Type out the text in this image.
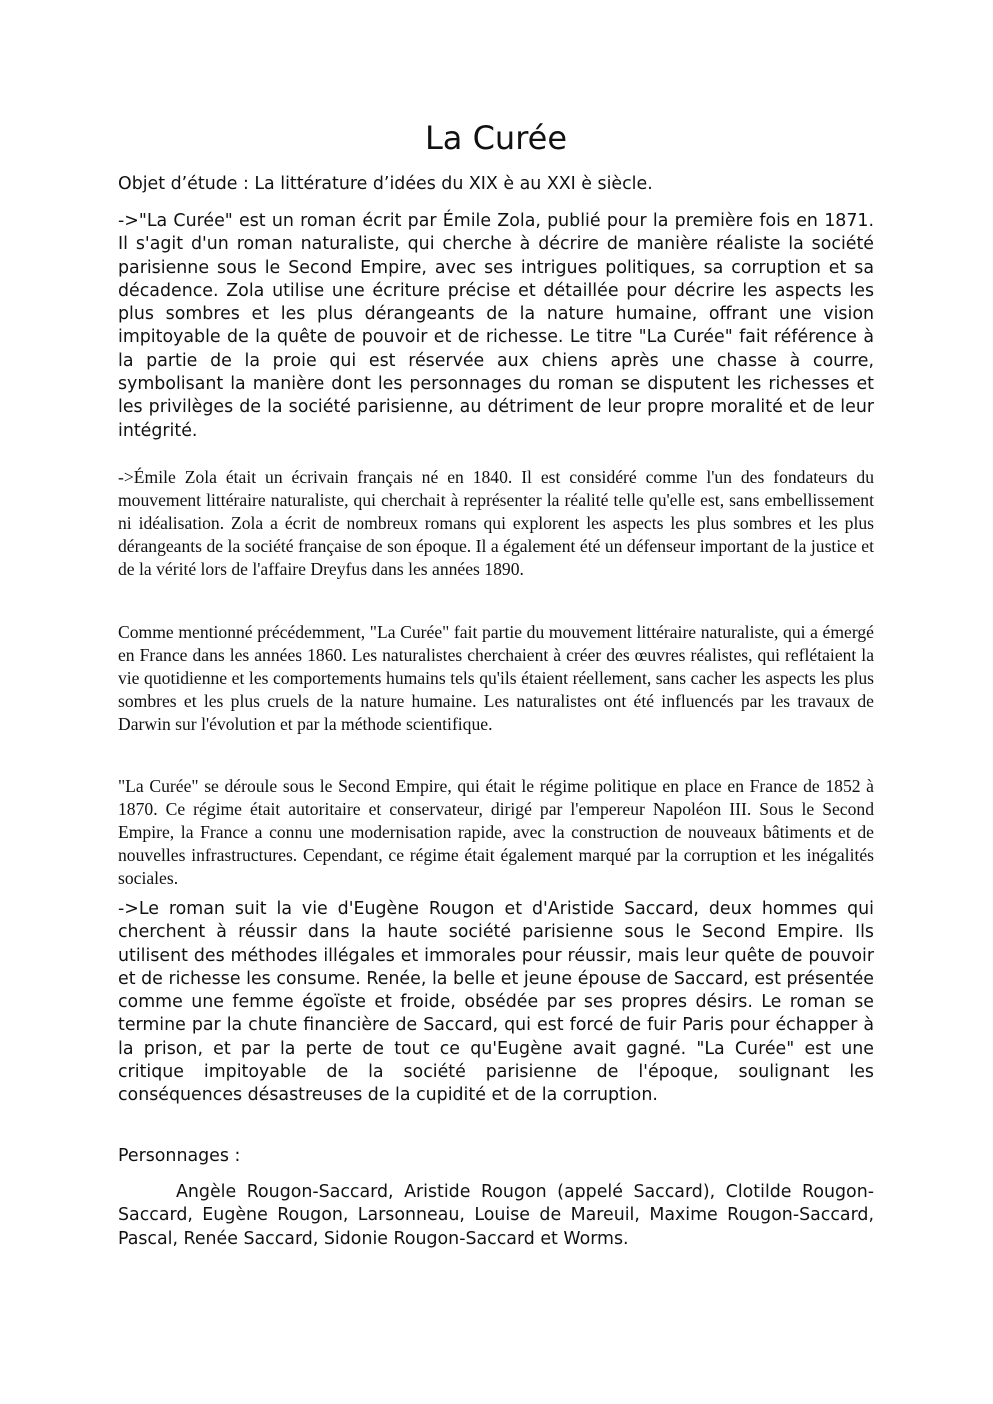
La Curée

Objet d’étude : La littérature d’idées du XIX è au XXI è siècle.

->"La Curée" est un roman écrit par Émile Zola, publié pour la première fois en 1871. Il s'agit d'un roman naturaliste, qui cherche à décrire de manière réaliste la société parisienne sous le Second Empire, avec ses intrigues politiques, sa corruption et sa décadence. Zola utilise une écriture précise et détaillée pour décrire les aspects les plus sombres et les plus dérangeants de la nature humaine, offrant une vision impitoyable de la quête de pouvoir et de richesse. Le titre "La Curée" fait référence à la partie de la proie qui est réservée aux chiens après une chasse à courre, symbolisant la manière dont les personnages du roman se disputent les richesses et les privilèges de la société parisienne, au détriment de leur propre moralité et de leur intégrité.

->Émile Zola était un écrivain français né en 1840. Il est considéré comme l'un des fondateurs du mouvement littéraire naturaliste, qui cherchait à représenter la réalité telle qu'elle est, sans embellissement ni idéalisation. Zola a écrit de nombreux romans qui explorent les aspects les plus sombres et les plus dérangeants de la société française de son époque. Il a également été un défenseur important de la justice et de la vérité lors de l'affaire Dreyfus dans les années 1890.

Comme mentionné précédemment, "La Curée" fait partie du mouvement littéraire naturaliste, qui a émergé en France dans les années 1860. Les naturalistes cherchaient à créer des œuvres réalistes, qui reflétaient la vie quotidienne et les comportements humains tels qu'ils étaient réellement, sans cacher les aspects les plus sombres et les plus cruels de la nature humaine. Les naturalistes ont été influencés par les travaux de Darwin sur l'évolution et par la méthode scientifique.

"La Curée" se déroule sous le Second Empire, qui était le régime politique en place en France de 1852 à 1870. Ce régime était autoritaire et conservateur, dirigé par l'empereur Napoléon III. Sous le Second Empire, la France a connu une modernisation rapide, avec la construction de nouveaux bâtiments et de nouvelles infrastructures. Cependant, ce régime était également marqué par la corruption et les inégalités sociales.

->Le roman suit la vie d'Eugène Rougon et d'Aristide Saccard, deux hommes qui cherchent à réussir dans la haute société parisienne sous le Second Empire. Ils utilisent des méthodes illégales et immorales pour réussir, mais leur quête de pouvoir et de richesse les consume. Renée, la belle et jeune épouse de Saccard, est présentée comme une femme égoïste et froide, obsédée par ses propres désirs. Le roman se termine par la chute financière de Saccard, qui est forcé de fuir Paris pour échapper à la prison, et par la perte de tout ce qu'Eugène avait gagné. "La Curée" est une critique impitoyable de la société parisienne de l'époque, soulignant les conséquences désastreuses de la cupidité et de la corruption.

Personnages :

Angèle Rougon-Saccard, Aristide Rougon (appelé Saccard), Clotilde Rougon-Saccard, Eugène Rougon, Larsonneau, Louise de Mareuil, Maxime Rougon-Saccard, Pascal, Renée Saccard, Sidonie Rougon-Saccard et Worms.
